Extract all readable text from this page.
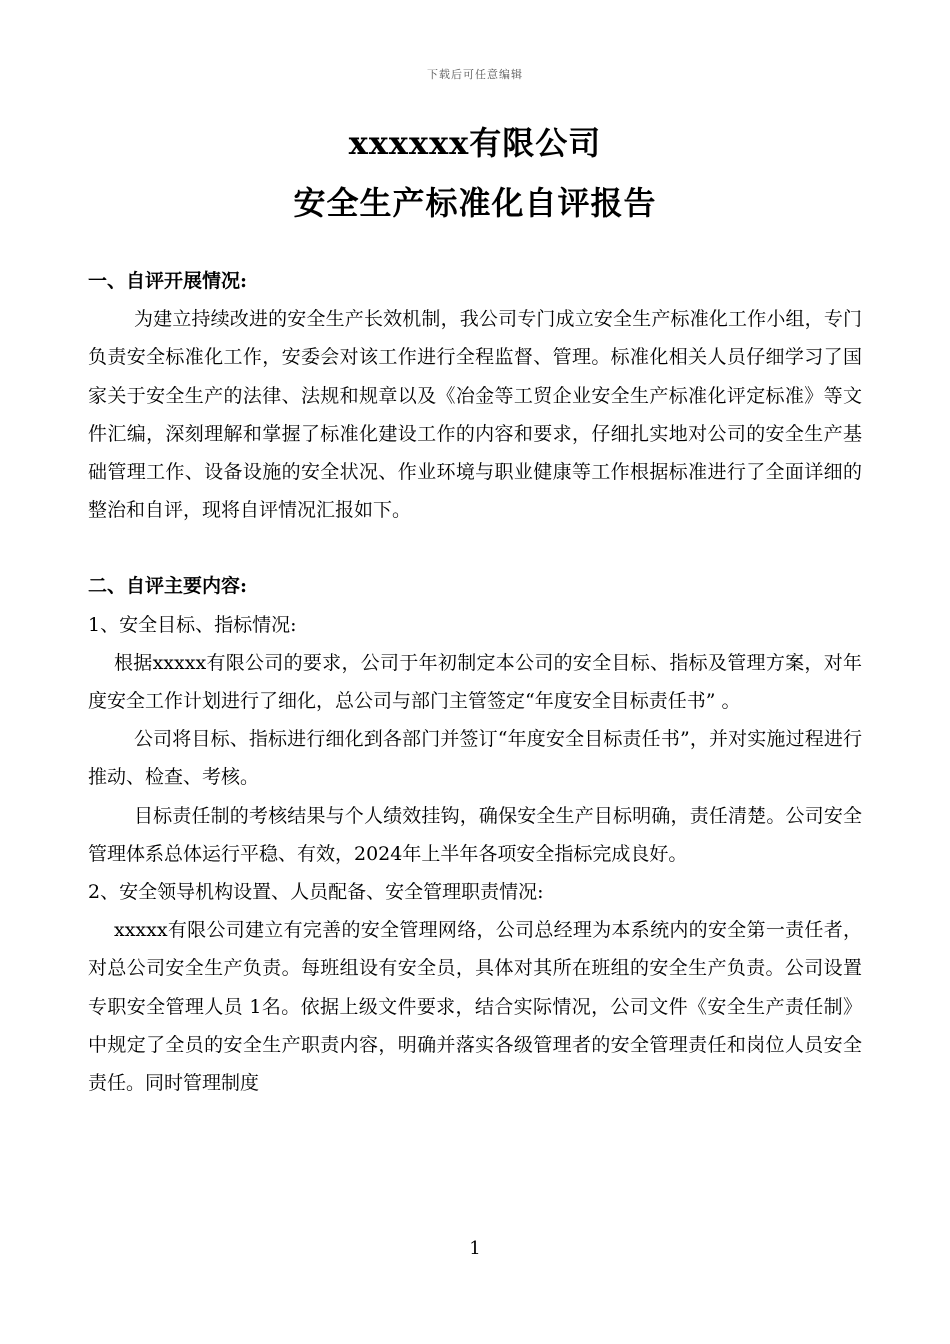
下载后可任意编辑
xxxxxx有限公司
安全生产标准化自评报告

一、自评开展情况:

为建立持续改进的安全生产长效机制，我公司专门成立安全生产标准化工作小组，专门负责安全标准化工作，安委会对该工作进行全程监督、管理。标准化相关人员仔细学习了国家关于安全生产的法律、法规和规章以及《冶金等工贸企业安全生产标准化评定标准》等文件汇编，深刻理解和掌握了标准化建设工作的内容和要求，仔细扎实地对公司的安全生产基础管理工作、设备设施的安全状况、作业环境与职业健康等工作根据标准进行了全面详细的整治和自评，现将自评情况汇报如下。

二、自评主要内容:

1、安全目标、指标情况:

根据xxxxx有限公司的要求，公司于年初制定本公司的安全目标、指标及管理方案，对年度安全工作计划进行了细化，总公司与部门主管签定“年度安全目标责任书” 。

公司将目标、指标进行细化到各部门并签订“年度安全目标责任书”，并对实施过程进行推动、检查、考核。

目标责任制的考核结果与个人绩效挂钩，确保安全生产目标明确，责任清楚。公司安全管理体系总体运行平稳、有效，2024年上半年各项安全指标完成良好。

2、安全领导机构设置、人员配备、安全管理职责情况:

xxxxx有限公司建立有完善的安全管理网络，公司总经理为本系统内的安全第一责任者，对总公司安全生产负责。每班组设有安全员，具体对其所在班组的安全生产负责。公司设置专职安全管理人员 1名。依据上级文件要求，结合实际情况，公司文件《安全生产责任制》中规定了全员的安全生产职责内容，明确并落实各级管理者的安全管理责任和岗位人员安全责任。同时管理制度

1
